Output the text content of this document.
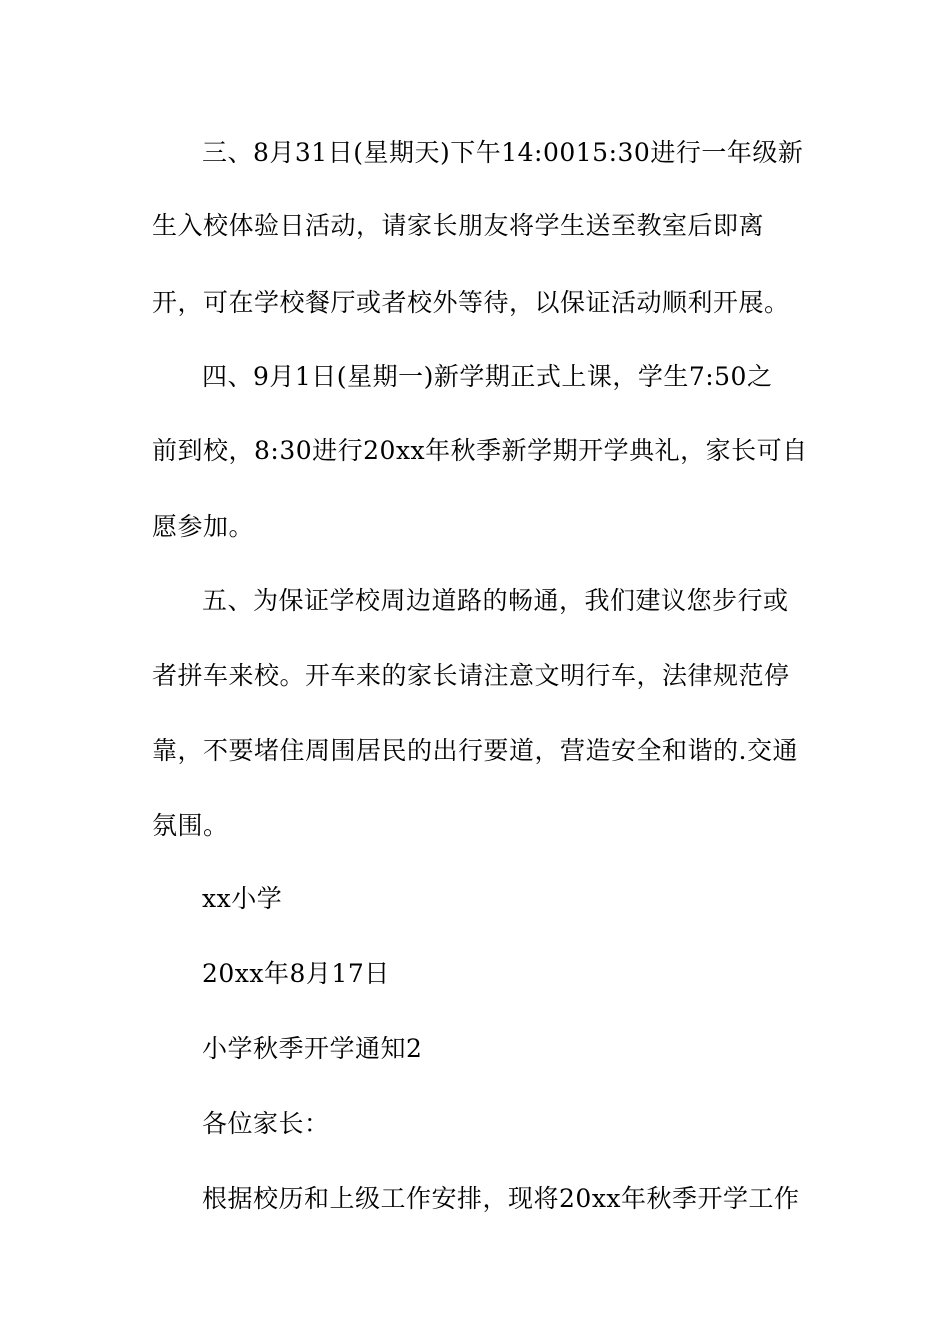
三、8月31日(星期天)下午14:0015:30进行一年级新
生入校体验日活动，请家长朋友将学生送至教室后即离
开，可在学校餐厅或者校外等待，以保证活动顺利开展。
四、9月1日(星期一)新学期正式上课，学生7:50之
前到校，8:30进行20xx年秋季新学期开学典礼，家长可自
愿参加。
五、为保证学校周边道路的畅通，我们建议您步行或
者拼车来校。开车来的家长请注意文明行车，法律规范停
靠，不要堵住周围居民的出行要道，营造安全和谐的.交通
氛围。
xx小学
20xx年8月17日
小学秋季开学通知2
各位家长：
根据校历和上级工作安排，现将20xx年秋季开学工作
